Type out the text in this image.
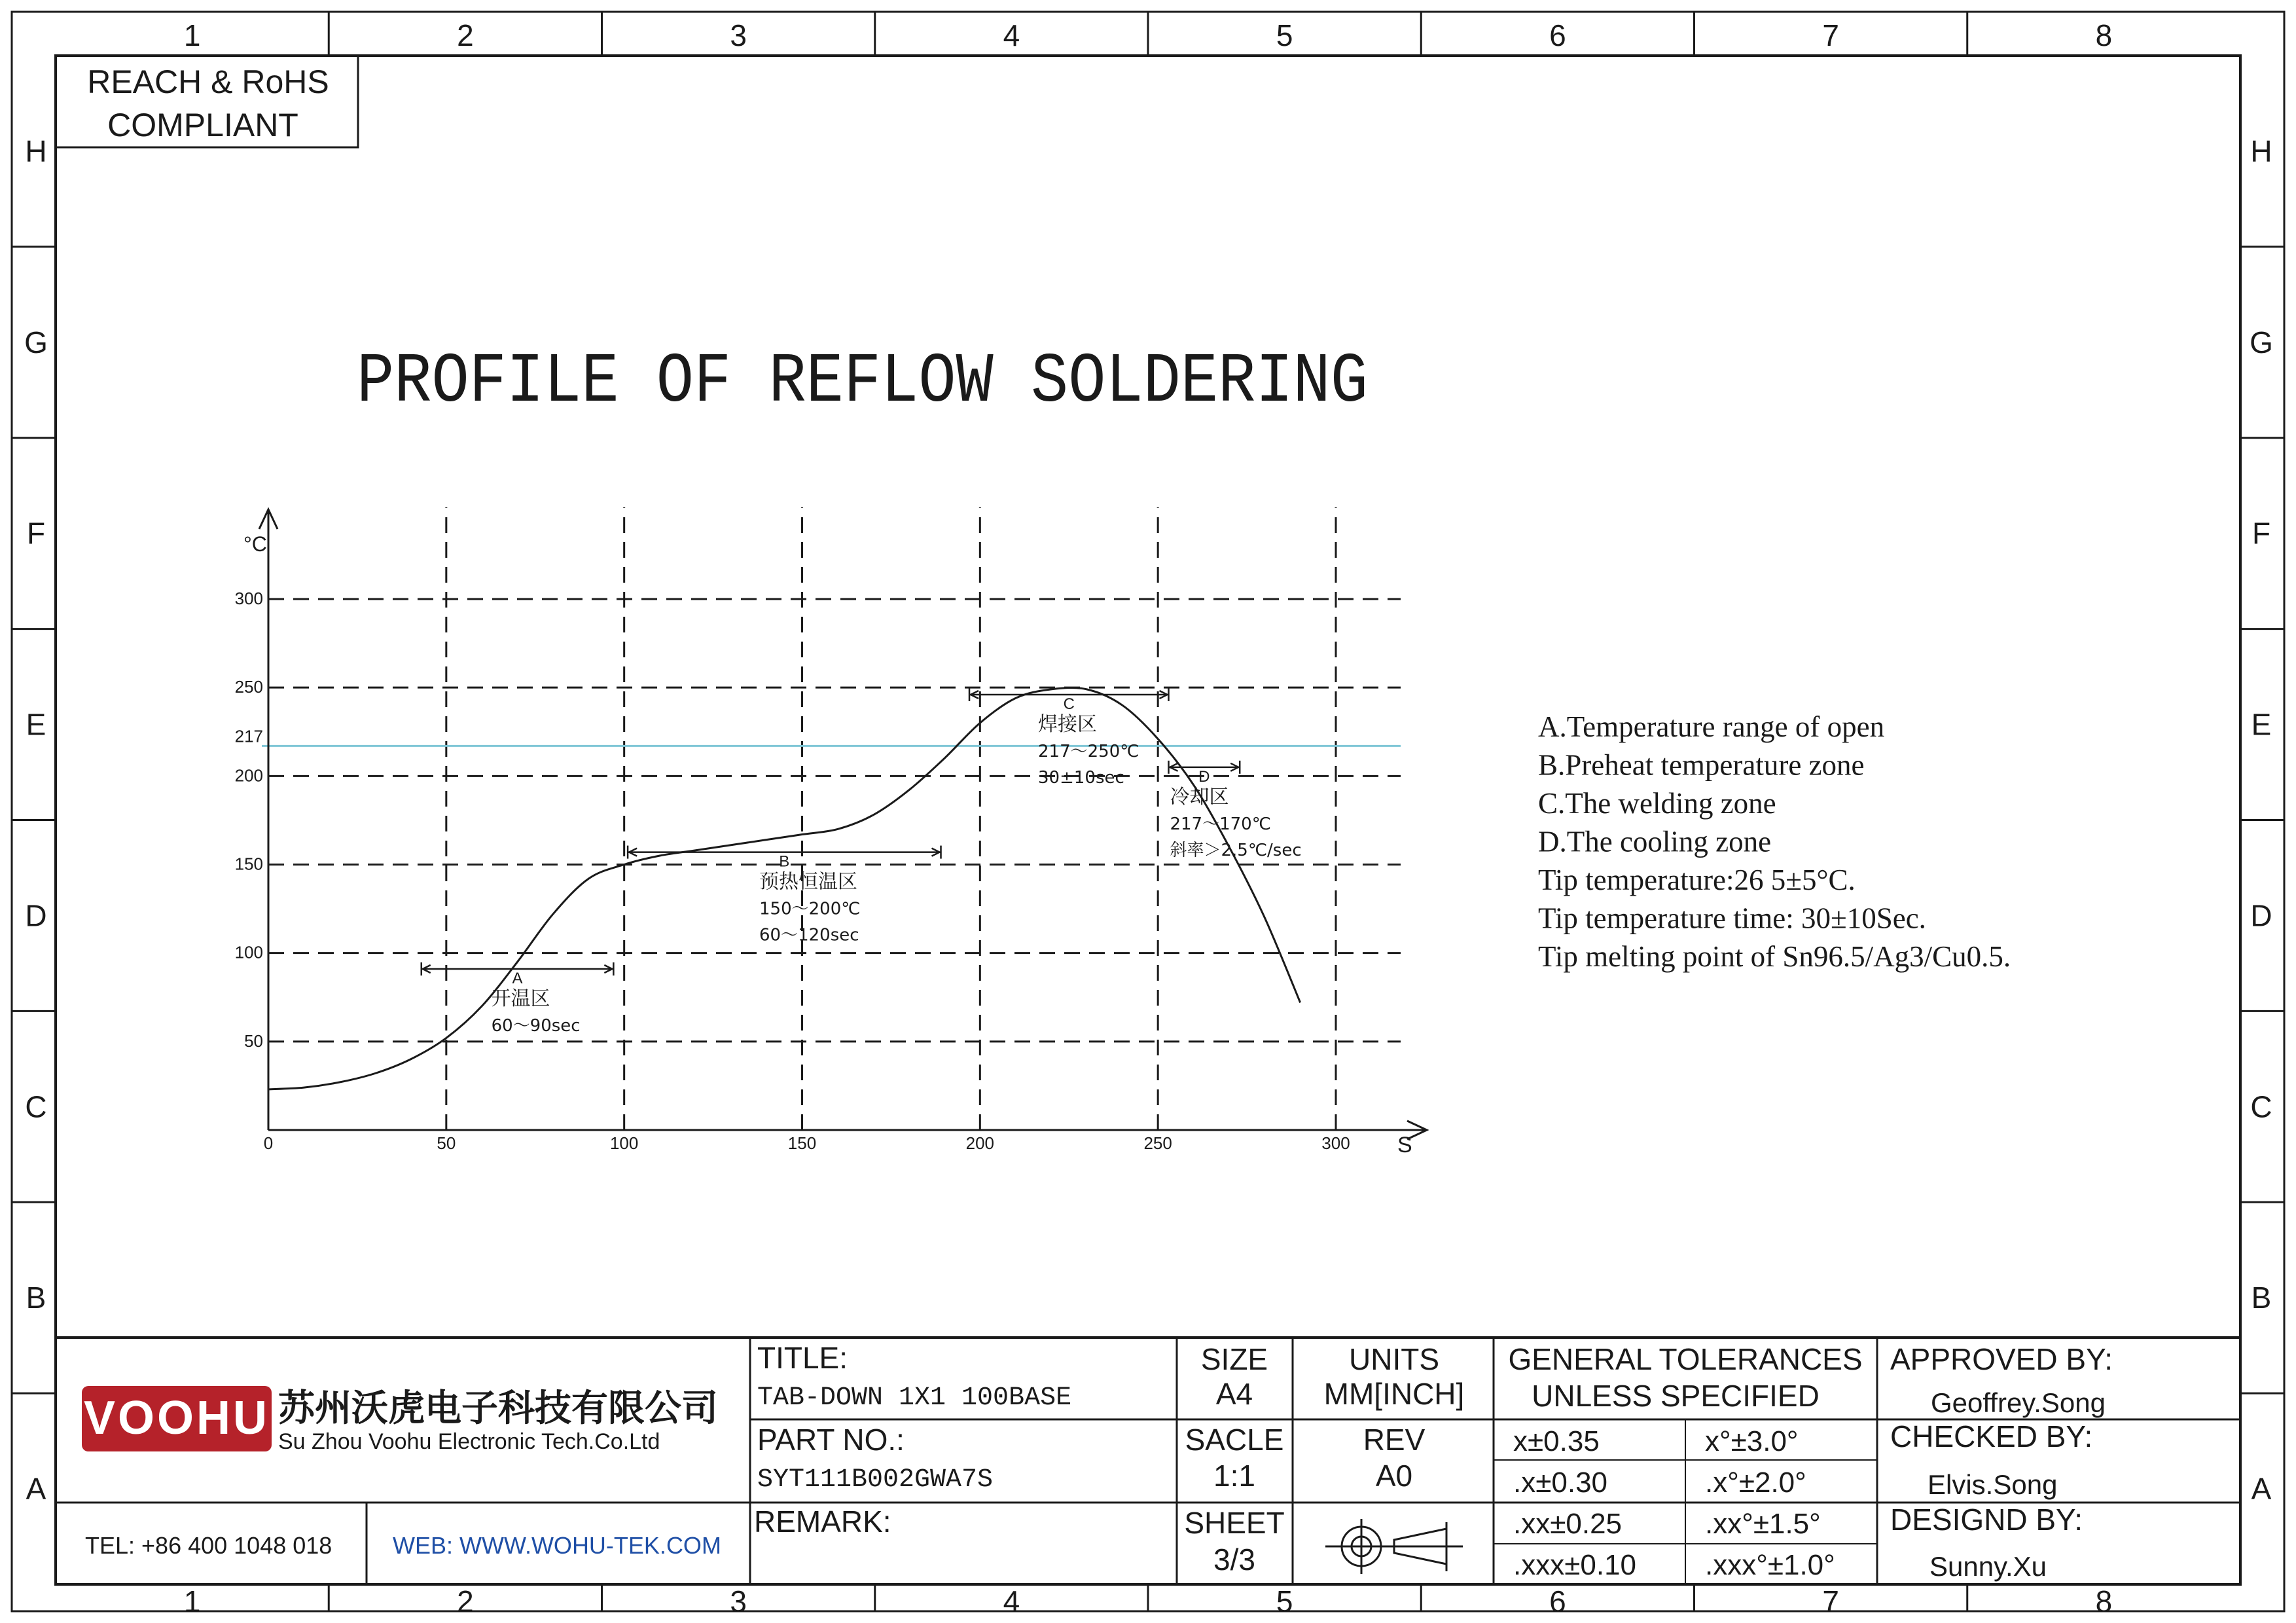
1
1
2
2
3
3
4
4
5
5
6
6
7
7
8
8
H	H
G	G
F	F
E	E
D	D
C	C
B	B
A	A
REACH & RoHS
COMPLIANT
PROFILE OF REFLOW SOLDERING
S
°C
0	50	100	150	200	250	300
50
100
150
200
217
250
300
A
开温区
60～90sec
B
预热恒温区
150～200℃
60～120sec
C
焊接区
217～250℃
30±10sec	D
冷却区
217～170℃
斜率＞2.5℃/sec
A.Temperature range of open
B.Preheat temperature zone
C.The welding zone
D.The cooling zone
Tip temperature:26 5±5°C.
Tip temperature time: 30±10Sec.
Tip melting point of Sn96.5/Ag3/Cu0.5.
VOOHU 苏州沃虎电子科技有限公司
Su Zhou Voohu Electronic Tech.Co.Ltd
TEL: +86 400 1048 018	WEB: WWW.WOHU-TEK.COM
TITLE:
TAB-DOWN 1X1 100BASE
PART NO.:
SYT111B002GWA7S
REMARK:
SIZE
A4
UNITS
MM[INCH]
SACLE
1:1
REV
A0
SHEET
3/3
GENERAL TOLERANCES
UNLESS SPECIFIED
x±0.35	x°±3.0°
.x±0.30	.x°±2.0°
.xx±0.25	.xx°±1.5°
.xxx±0.10 .xxx°±1.0°
APPROVED BY:
Geoffrey.Song
CHECKED BY:
Elvis.Song
DESIGND BY:
Sunny.Xu
